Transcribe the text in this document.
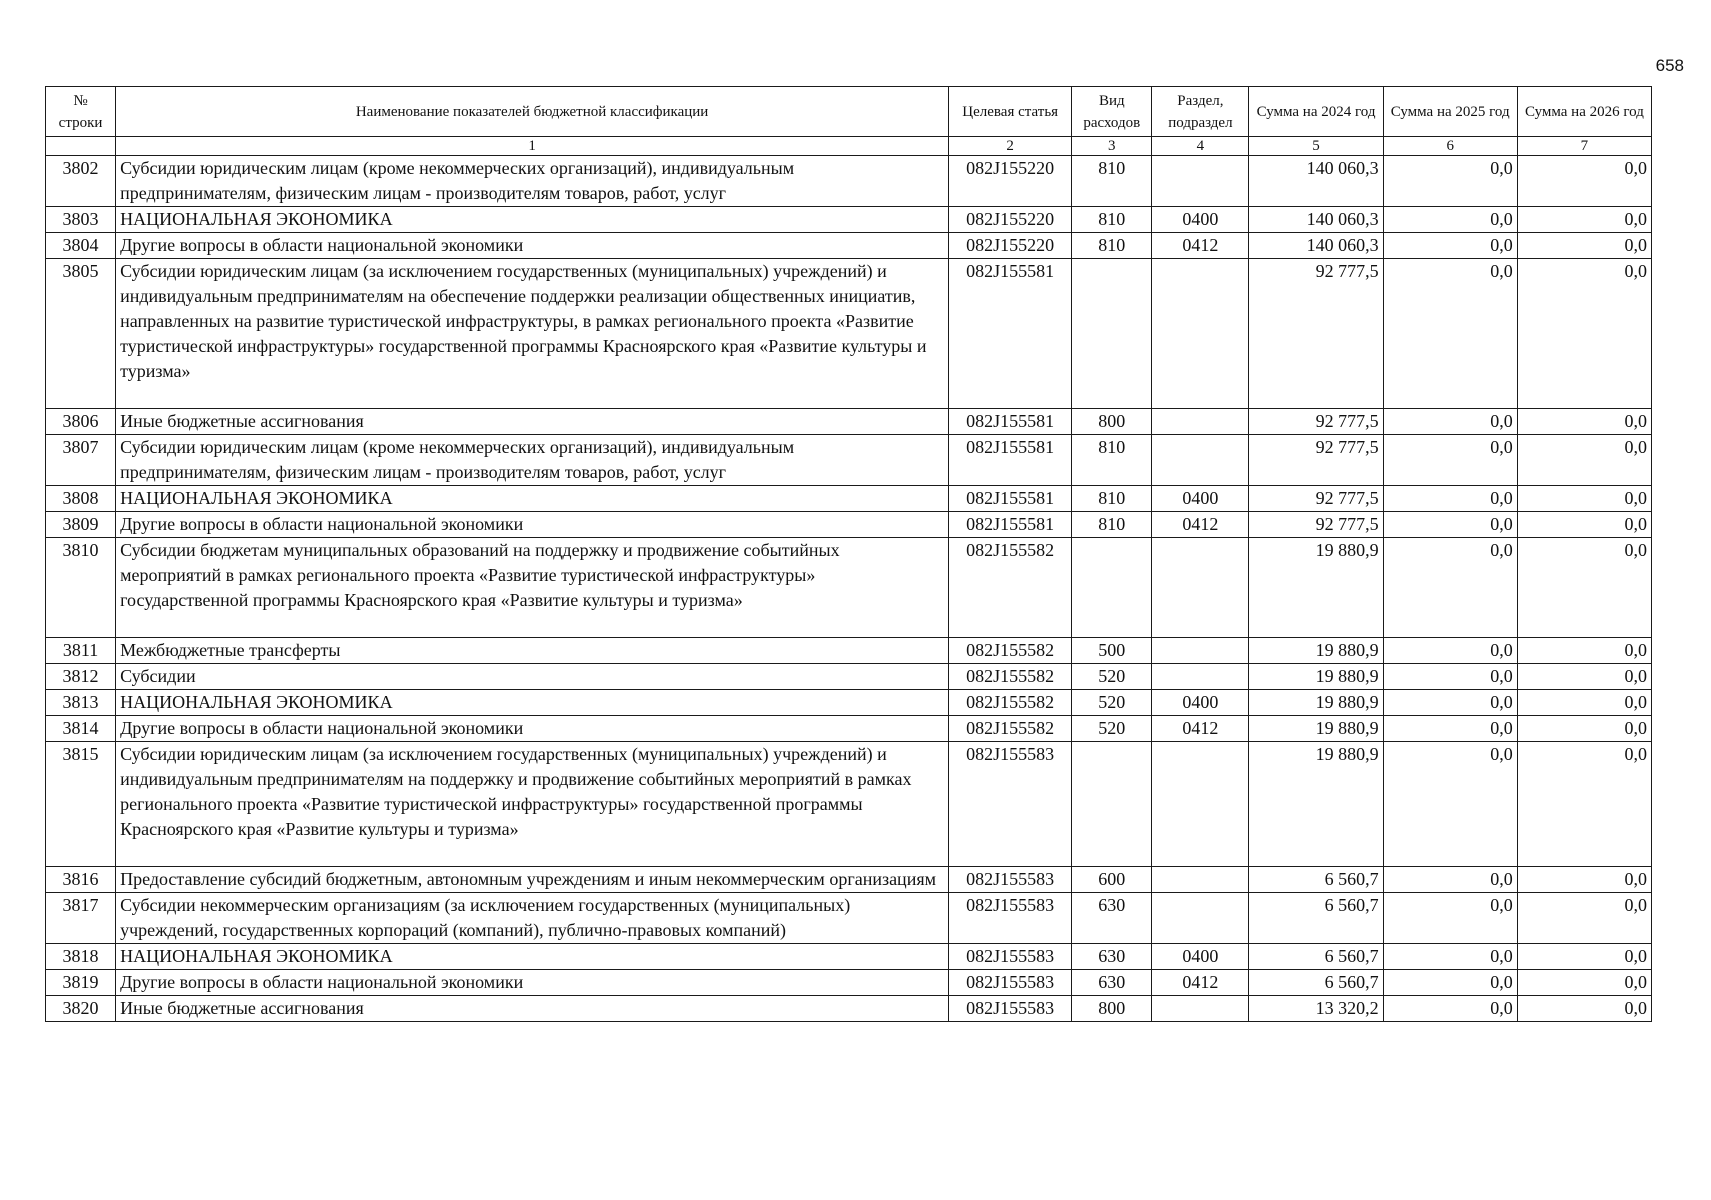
658
№ строки	Наименование показателей бюджетной классификации	Целевая статья	Вид расходов	Раздел, подраздел	Сумма на 2024 год	Сумма на 2025 год	Сумма на 2026 год
	1	2	3	4	5	6	7
3802	Субсидии юридическим лицам (кроме некоммерческих организаций), индивидуальным предпринимателям, физическим лицам - производителям товаров, работ, услуг	082J155220	810		140 060,3	0,0	0,0
3803	НАЦИОНАЛЬНАЯ ЭКОНОМИКА	082J155220	810	0400	140 060,3	0,0	0,0
3804	Другие вопросы в области национальной экономики	082J155220	810	0412	140 060,3	0,0	0,0
3805	Субсидии юридическим лицам (за исключением государственных (муниципальных) учреждений) и индивидуальным предпринимателям на обеспечение поддержки реализации общественных инициатив, направленных на развитие туристической инфраструктуры, в рамках регионального проекта «Развитие туристической инфраструктуры» государственной программы Красноярского края «Развитие культуры и туризма»	082J155581			92 777,5	0,0	0,0
3806	Иные бюджетные ассигнования	082J155581	800		92 777,5	0,0	0,0
3807	Субсидии юридическим лицам (кроме некоммерческих организаций), индивидуальным предпринимателям, физическим лицам - производителям товаров, работ, услуг	082J155581	810		92 777,5	0,0	0,0
3808	НАЦИОНАЛЬНАЯ ЭКОНОМИКА	082J155581	810	0400	92 777,5	0,0	0,0
3809	Другие вопросы в области национальной экономики	082J155581	810	0412	92 777,5	0,0	0,0
3810	Субсидии бюджетам муниципальных образований на поддержку и продвижение событийных мероприятий в рамках регионального проекта «Развитие туристической инфраструктуры» государственной программы Красноярского края «Развитие культуры и туризма»	082J155582			19 880,9	0,0	0,0
3811	Межбюджетные трансферты	082J155582	500		19 880,9	0,0	0,0
3812	Субсидии	082J155582	520		19 880,9	0,0	0,0
3813	НАЦИОНАЛЬНАЯ ЭКОНОМИКА	082J155582	520	0400	19 880,9	0,0	0,0
3814	Другие вопросы в области национальной экономики	082J155582	520	0412	19 880,9	0,0	0,0
3815	Субсидии юридическим лицам (за исключением государственных (муниципальных) учреждений) и индивидуальным предпринимателям на поддержку и продвижение событийных мероприятий в рамках регионального проекта «Развитие туристической инфраструктуры» государственной программы Красноярского края «Развитие культуры и туризма»	082J155583			19 880,9	0,0	0,0
3816	Предоставление субсидий бюджетным, автономным учреждениям и иным некоммерческим организациям	082J155583	600		6 560,7	0,0	0,0
3817	Субсидии некоммерческим организациям (за исключением государственных (муниципальных) учреждений, государственных корпораций (компаний), публично-правовых компаний)	082J155583	630		6 560,7	0,0	0,0
3818	НАЦИОНАЛЬНАЯ ЭКОНОМИКА	082J155583	630	0400	6 560,7	0,0	0,0
3819	Другие вопросы в области национальной экономики	082J155583	630	0412	6 560,7	0,0	0,0
3820	Иные бюджетные ассигнования	082J155583	800		13 320,2	0,0	0,0
